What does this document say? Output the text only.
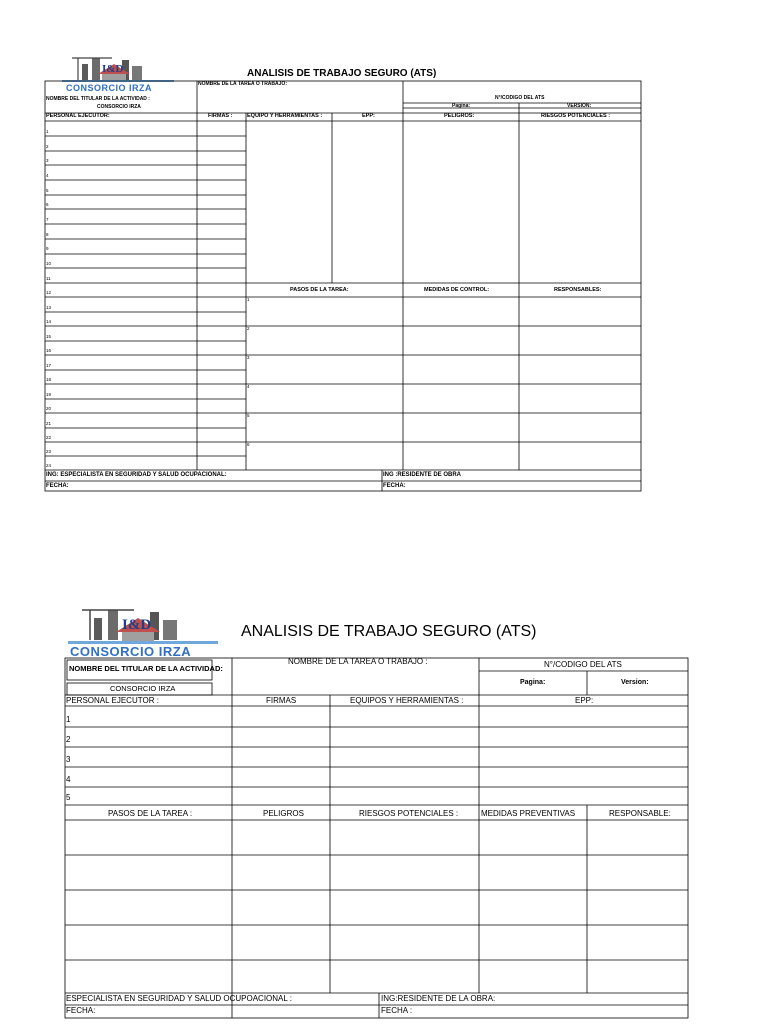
I&D
CONSORCIO IRZA
ANALISIS DE TRABAJO SEGURO (ATS)
NOMBRE DEL TITULAR DE LA ACTIVIDAD :
CONSORCIO IRZA
NOMBRE DE LA TAREA O TRABAJO:
N°/CODIGO DEL ATS
Pagina:	VERSION:
PERSONAL EJECUTOR:	FIRMAS :	EQUIPO Y HERRAMIENTAS :	EPP:	PELIGROS:	RIESGOS POTENCIALES :
1
2
3
4
5
6
7
8
9
10
11
12
13
14
15
16
17
18
19
20
21
22
23
24
PASOS DE LA TAREA:	MEDIDAS DE CONTROL:	RESPONSABLES:
1
2
3
4
5
6
ING: ESPECIALISTA EN SEGURIDAD Y SALUD OCUPACIONAL:	ING :RESIDENTE DE OBRA
FECHA:	FECHA:
I&D
CONSORCIO IRZA
ANALISIS DE TRABAJO SEGURO (ATS)
NOMBRE DEL TITULAR DE LA ACTIVIDAD:
CONSORCIO IRZA
NOMBRE DE LA TAREA O TRABAJO :	N°/CODIGO DEL ATS
Pagina:	Version:
PERSONAL EJECUTOR :	FIRMAS	EQUIPOS Y HERRAMIENTAS :	EPP:
1
2
3
4
5
PASOS DE LA TAREA :	PELIGROS	RIESGOS POTENCIALES :	MEDIDAS PREVENTIVAS	RESPONSABLE:
ESPECIALISTA EN SEGURIDAD Y SALUD OCUPOACIONAL :	ING:RESIDENTE DE LA OBRA:
FECHA:	FECHA :
